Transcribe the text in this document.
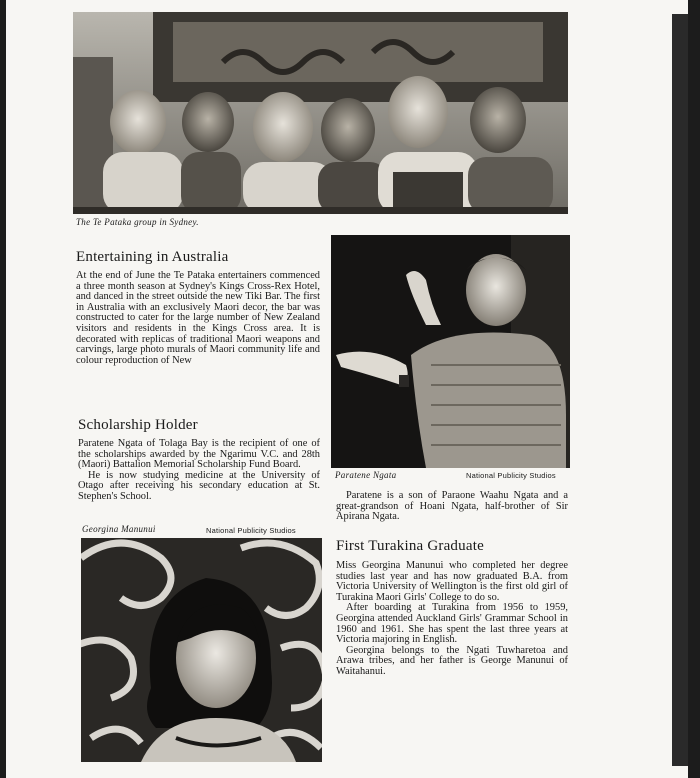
The Te Pataka group in Sydney.
Entertaining in Australia

At the end of June the Te Pataka entertainers commenced a three month season at Sydney's Kings Cross-Rex Hotel, and danced in the street outside the new Tiki Bar. The first in Australia with an exclusively Maori decor, the bar was constructed to cater for the large number of New Zealand visitors and residents in the Kings Cross area. It is decorated with replicas of traditional Maori weapons and carvings, large photo murals of Maori community life and colour reproduction of New

Paratene Ngata	National Publicity Studios
Scholarship Holder

Paratene Ngata of Tolaga Bay is the recipient of one of the scholarships awarded by the Ngarimu V.C. and 28th (Maori) Battalion Memorial Scholarship Fund Board.

He is now studying medicine at the University of Otago after receiving his secondary education at St. Stephen's School.	Paratene is a son of Paraone Waahu Ngata and a great-grandson of Hoani Ngata, half-brother of Sir Apirana Ngata.

Georgina Manunui	National Publicity Studios
First Turakina Graduate

Miss Georgina Manunui who completed her degree studies last year and has now graduated B.A. from Victoria University of Wellington is the first old girl of Turakina Maori Girls' College to do so.

After boarding at Turakina from 1956 to 1959, Georgina attended Auckland Girls' Grammar School in 1960 and 1961. She has spent the last three years at Victoria majoring in English.

Georgina belongs to the Ngati Tuwharetoa and Arawa tribes, and her father is George Manunui of Waitahanui.
